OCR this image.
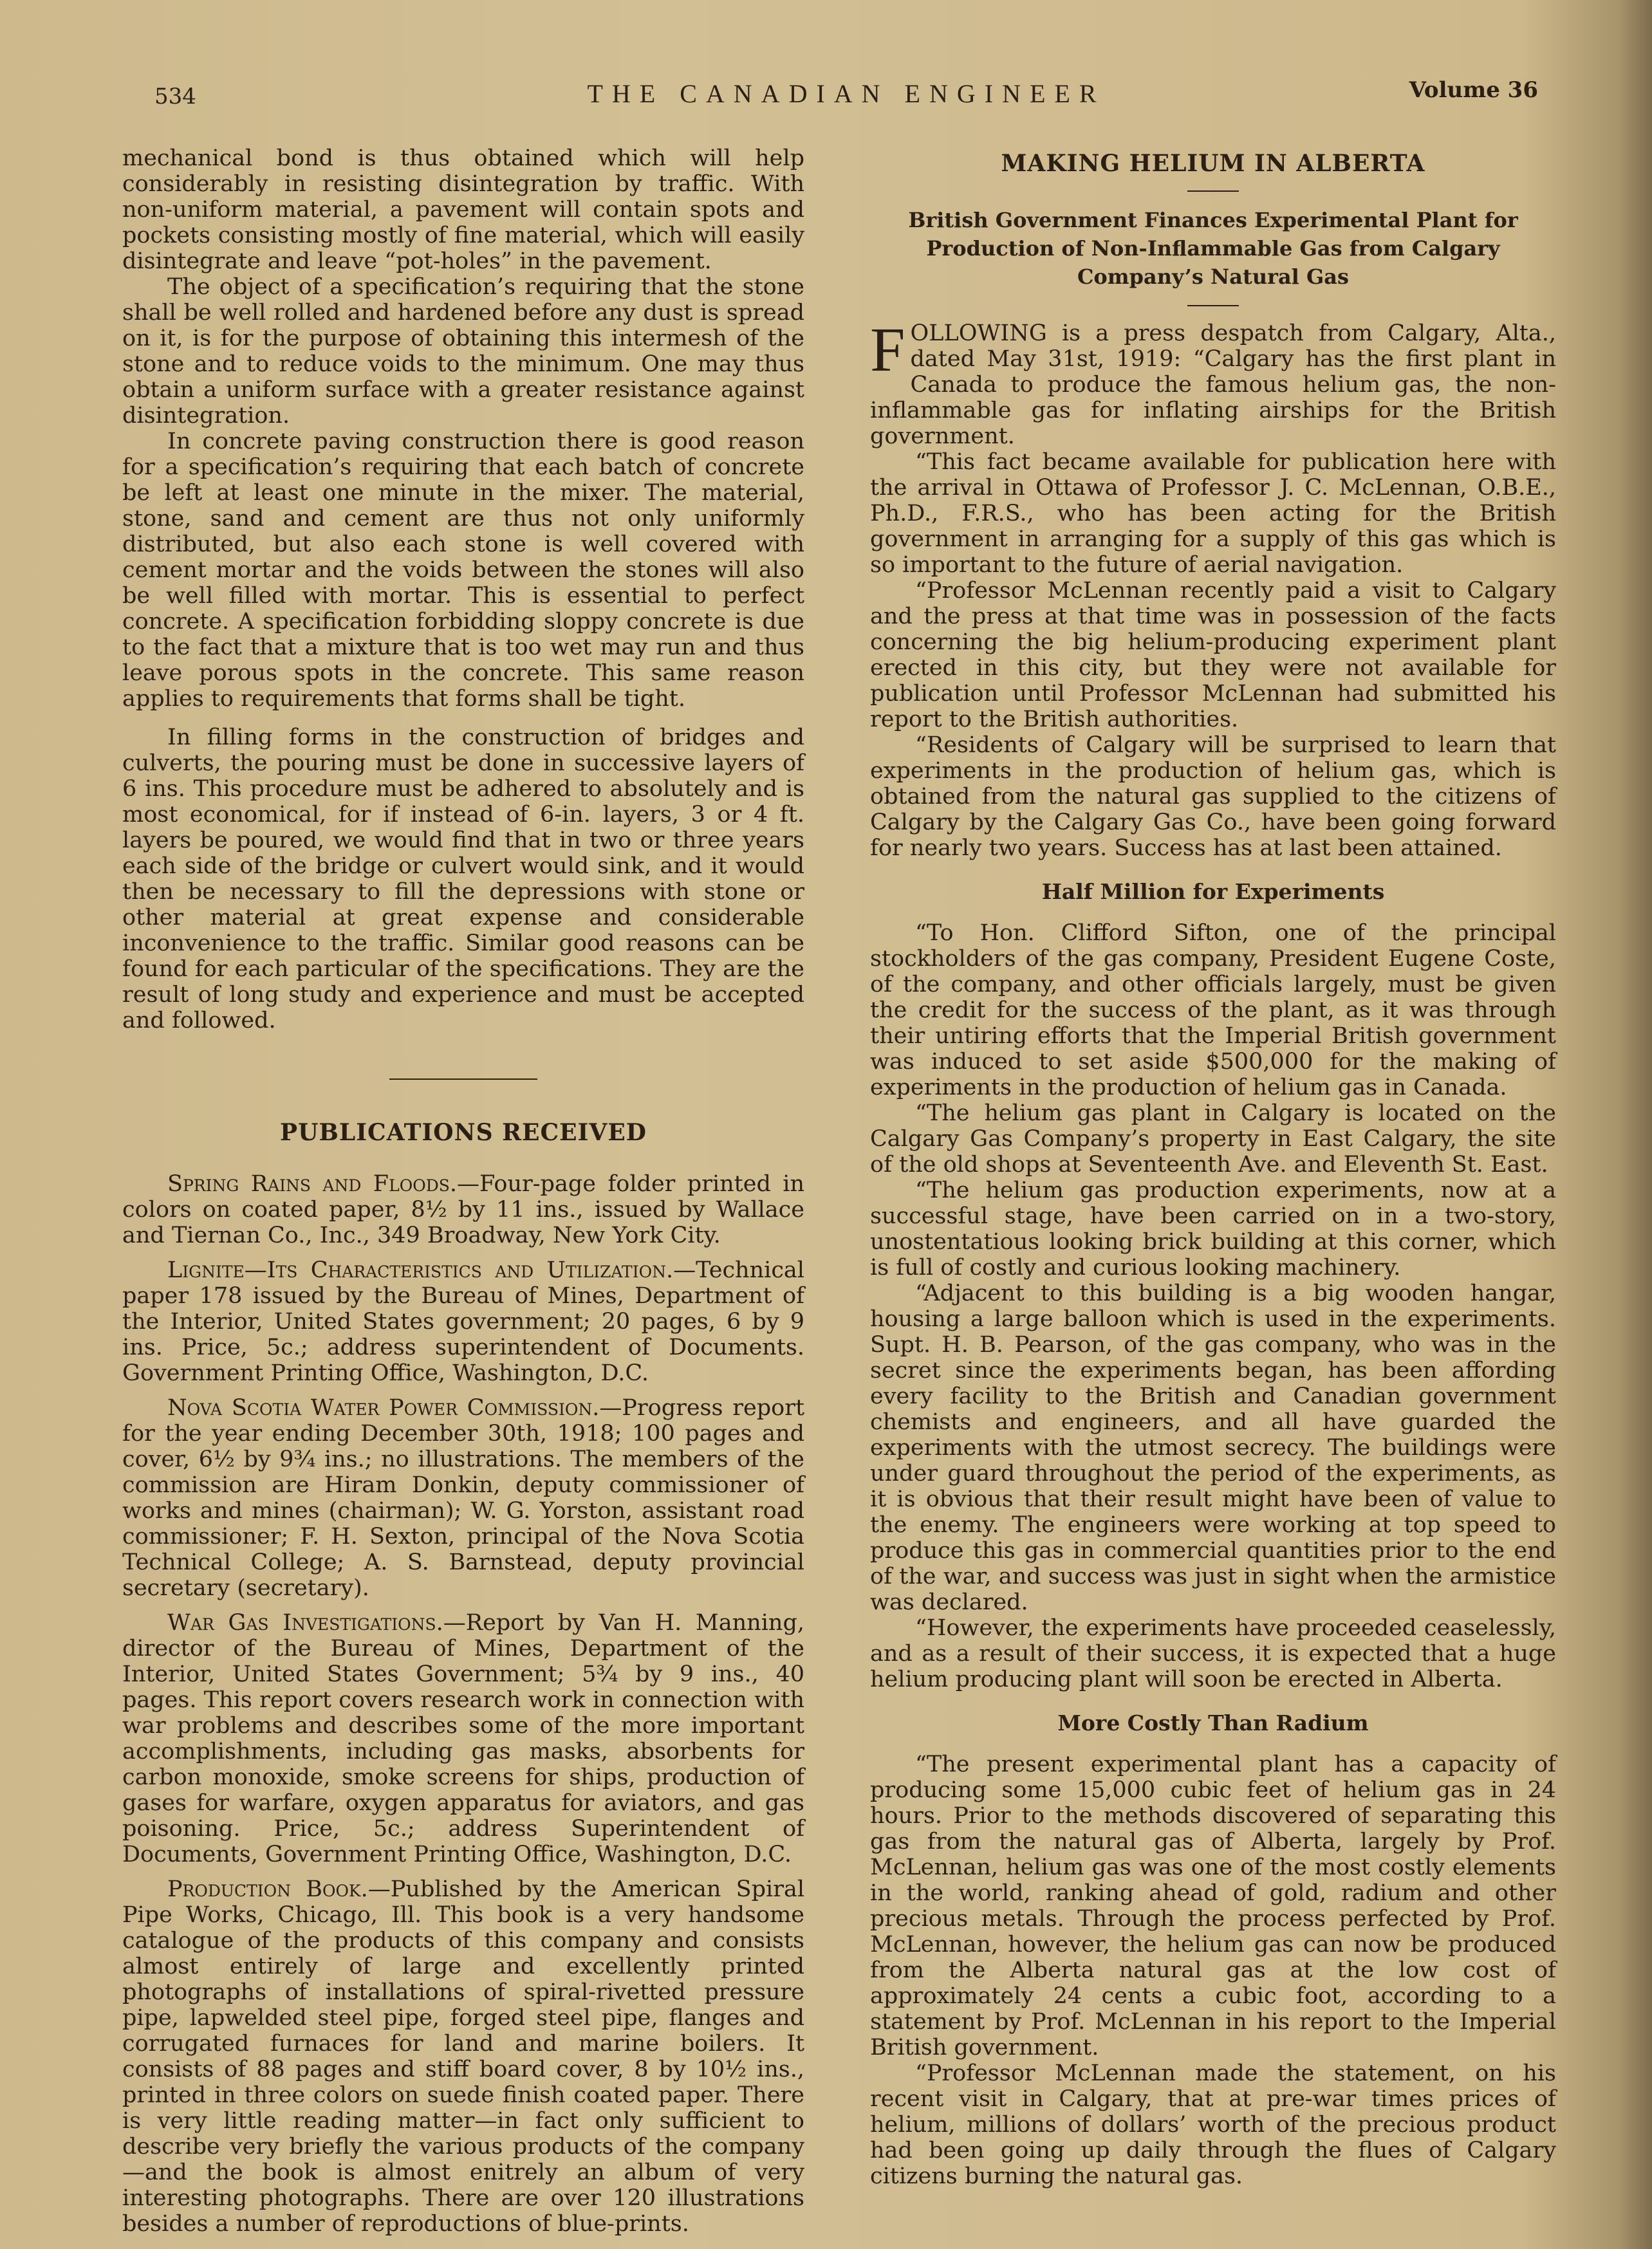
534	THE CANADIAN ENGINEER	Volume 36

mechanical bond is thus obtained which will help considerably in resisting disintegration by traffic. With non-uniform material, a pavement will contain spots and pockets consisting mostly of fine material, which will easily disintegrate and leave “pot-holes” in the pavement.

The object of a specification’s requiring that the stone shall be well rolled and hardened before any dust is spread on it, is for the purpose of obtaining this intermesh of the stone and to reduce voids to the minimum. One may thus obtain a uniform surface with a greater resistance against disintegration.

In concrete paving construction there is good reason for a specification’s requiring that each batch of concrete be left at least one minute in the mixer. The material, stone, sand and cement are thus not only uniformly distributed, but also each stone is well covered with cement mortar and the voids between the stones will also be well filled with mortar. This is essential to perfect concrete. A specification forbidding sloppy concrete is due to the fact that a mixture that is too wet may run and thus leave porous spots in the concrete. This same reason applies to requirements that forms shall be tight.

In filling forms in the construction of bridges and culverts, the pouring must be done in successive layers of 6 ins. This procedure must be adhered to absolutely and is most economical, for if instead of 6-in. layers, 3 or 4 ft. layers be poured, we would find that in two or three years each side of the bridge or culvert would sink, and it would then be necessary to fill the depressions with stone or other material at great expense and considerable inconvenience to the traffic. Similar good reasons can be found for each particular of the specifications. They are the result of long study and experience and must be accepted and followed.

PUBLICATIONS RECEIVED

Spring Rains and Floods.—Four-page folder printed in colors on coated paper, 8½ by 11 ins., issued by Wallace and Tiernan Co., Inc., 349 Broadway, New York City.

Lignite—Its Characteristics and Utilization.—Technical paper 178 issued by the Bureau of Mines, Department of the Interior, United States government; 20 pages, 6 by 9 ins. Price, 5c.; address superintendent of Documents. Government Printing Office, Washington, D.C.

Nova Scotia Water Power Commission.—Progress report for the year ending December 30th, 1918; 100 pages and cover, 6½ by 9¾ ins.; no illustrations. The members of the commission are Hiram Donkin, deputy commissioner of works and mines (chairman); W. G. Yorston, assistant road commissioner; F. H. Sexton, principal of the Nova Scotia Technical College; A. S. Barnstead, deputy provincial secretary (secretary).

War Gas Investigations.—Report by Van H. Manning, director of the Bureau of Mines, Department of the Interior, United States Government; 5¾ by 9 ins., 40 pages. This report covers research work in connection with war problems and describes some of the more important accomplishments, including gas masks, absorbents for carbon monoxide, smoke screens for ships, production of gases for warfare, oxygen apparatus for aviators, and gas poisoning. Price, 5c.; address Superintendent of Documents, Government Printing Office, Washington, D.C.

Production Book.—Published by the American Spiral Pipe Works, Chicago, Ill. This book is a very handsome catalogue of the products of this company and consists almost entirely of large and excellently printed photographs of installations of spiral-rivetted pressure pipe, lapwelded steel pipe, forged steel pipe, flanges and corrugated furnaces for land and marine boilers. It consists of 88 pages and stiff board cover, 8 by 10½ ins., printed in three colors on suede finish coated paper. There is very little reading matter—in fact only sufficient to describe very briefly the various products of the company—and the book is almost enitrely an album of very interesting photographs. There are over 120 illustrations besides a number of reproductions of blue-prints.

MAKING HELIUM IN ALBERTA
British Government Finances Experimental Plant for Production of Non-Inflammable Gas from Calgary Company’s Natural Gas

FOLLOWING is a press despatch from Calgary, Alta., dated May 31st, 1919: “Calgary has the first plant in Canada to produce the famous helium gas, the non-inflammable gas for inflating airships for the British government.

“This fact became available for publication here with the arrival in Ottawa of Professor J. C. McLennan, O.B.E., Ph.D., F.R.S., who has been acting for the British government in arranging for a supply of this gas which is so important to the future of aerial navigation.

“Professor McLennan recently paid a visit to Calgary and the press at that time was in possession of the facts concerning the big helium-producing experiment plant erected in this city, but they were not available for publication until Professor McLennan had submitted his report to the British authorities.

“Residents of Calgary will be surprised to learn that experiments in the production of helium gas, which is obtained from the natural gas supplied to the citizens of Calgary by the Calgary Gas Co., have been going forward for nearly two years. Success has at last been attained.

Half Million for Experiments

“To Hon. Clifford Sifton, one of the principal stockholders of the gas company, President Eugene Coste, of the company, and other officials largely, must be given the credit for the success of the plant, as it was through their untiring efforts that the Imperial British government was induced to set aside $500,000 for the making of experiments in the production of helium gas in Canada.

“The helium gas plant in Calgary is located on the Calgary Gas Company’s property in East Calgary, the site of the old shops at Seventeenth Ave. and Eleventh St. East.

“The helium gas production experiments, now at a successful stage, have been carried on in a two-story, unostentatious looking brick building at this corner, which is full of costly and curious looking machinery.

“Adjacent to this building is a big wooden hangar, housing a large balloon which is used in the experiments. Supt. H. B. Pearson, of the gas company, who was in the secret since the experiments began, has been affording every facility to the British and Canadian government chemists and engineers, and all have guarded the experiments with the utmost secrecy. The buildings were under guard throughout the period of the experiments, as it is obvious that their result might have been of value to the enemy. The engineers were working at top speed to produce this gas in commercial quantities prior to the end of the war, and success was just in sight when the armistice was declared.

“However, the experiments have proceeded ceaselessly, and as a result of their success, it is expected that a huge helium producing plant will soon be erected in Alberta.

More Costly Than Radium

“The present experimental plant has a capacity of producing some 15,000 cubic feet of helium gas in 24 hours. Prior to the methods discovered of separating this gas from the natural gas of Alberta, largely by Prof. McLennan, helium gas was one of the most costly elements in the world, ranking ahead of gold, radium and other precious metals. Through the process perfected by Prof. McLennan, however, the helium gas can now be produced from the Alberta natural gas at the low cost of approximately 24 cents a cubic foot, according to a statement by Prof. McLennan in his report to the Imperial British government.

“Professor McLennan made the statement, on his recent visit in Calgary, that at pre-war times prices of helium, millions of dollars’ worth of the precious product had been going up daily through the flues of Calgary citizens burning the natural gas.
